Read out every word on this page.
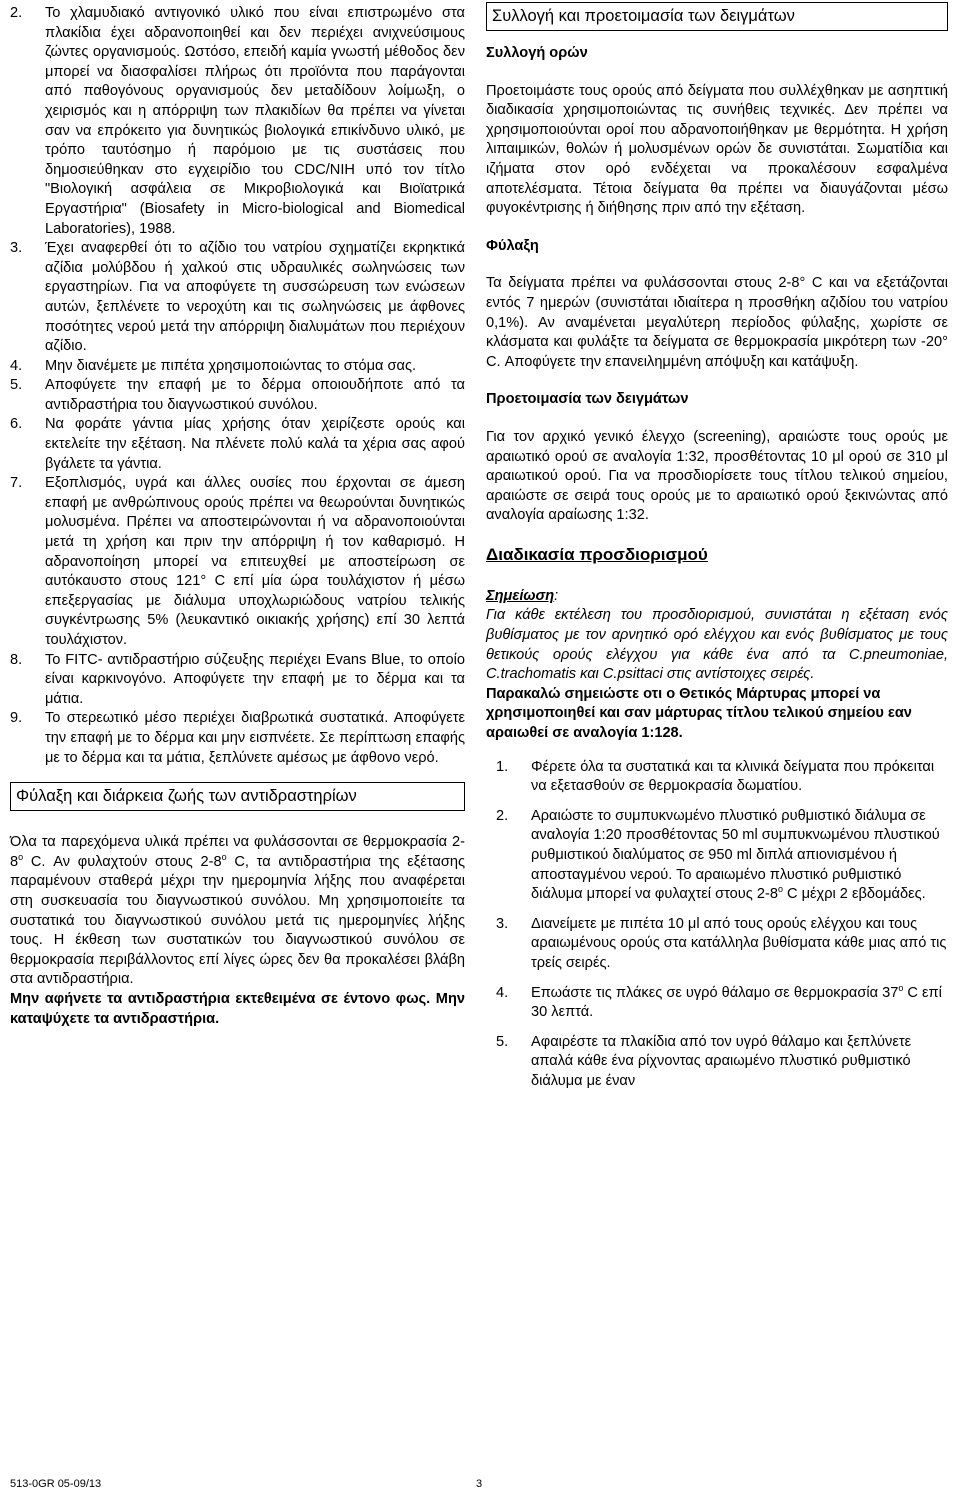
2. Το χλαμυδιακό αντιγονικό υλικό που είναι επιστρωμένο στα πλακίδια έχει αδρανοποιηθεί και δεν περιέχει ανιχνεύσιμους ζώντες οργανισμούς. Ωστόσο, επειδή καμία γνωστή μέθοδος δεν μπορεί να διασφαλίσει πλήρως ότι προϊόντα που παράγονται από παθογόνους οργανισμούς δεν μεταδίδουν λοίμωξη, ο χειρισμός και η απόρριψη των πλακιδίων θα πρέπει να γίνεται σαν να επρόκειτο για δυνητικώς βιολογικά επικίνδυνο υλικό, με τρόπο ταυτόσημο ή παρόμοιο με τις συστάσεις που δημοσιεύθηκαν στο εγχειρίδιο του CDC/NIH υπό τον τίτλο "Βιολογική ασφάλεια σε Μικροβιολογικά και Βιοϊατρικά Εργαστήρια" (Biosafety in Micro-biological and Biomedical Laboratories), 1988.
3. Έχει αναφερθεί ότι το αζίδιο του νατρίου σχηματίζει εκρηκτικά αζίδια μολύβδου ή χαλκού στις υδραυλικές σωληνώσεις των εργαστηρίων. Για να αποφύγετε τη συσσώρευση των ενώσεων αυτών, ξεπλένετε το νεροχύτη και τις σωληνώσεις με άφθονες ποσότητες νερού μετά την απόρριψη διαλυμάτων που περιέχουν αζίδιο.
4. Μην διανέμετε με πιπέτα χρησιμοποιώντας το στόμα σας.
5. Αποφύγετε την επαφή με το δέρμα οποιουδήποτε από τα αντιδραστήρια του διαγνωστικού συνόλου.
6. Να φοράτε γάντια μίας χρήσης όταν χειρίζεστε ορούς και εκτελείτε την εξέταση. Να πλένετε πολύ καλά τα χέρια σας αφού βγάλετε τα γάντια.
7. Εξοπλισμός, υγρά και άλλες ουσίες που έρχονται σε άμεση επαφή με ανθρώπινους ορούς πρέπει να θεωρούνται δυνητικώς μολυσμένα. Πρέπει να αποστειρώνονται ή να αδρανοποιούνται μετά τη χρήση και πριν την απόρριψη ή τον καθαρισμό. Η αδρανοποίηση μπορεί να επιτευχθεί με αποστείρωση σε αυτόκαυστο στους 121° C επί μία ώρα τουλάχιστον ή μέσω επεξεργασίας με διάλυμα υποχλωριώδους νατρίου τελικής συγκέντρωσης 5% (λευκαντικό οικιακής χρήσης) επί 30 λεπτά τουλάχιστον.
8. Το FITC- αντιδραστήριο σύζευξης περιέχει Evans Blue, το οποίο είναι καρκινογόνο. Αποφύγετε την επαφή με το δέρμα και τα μάτια.
9. Το στερεωτικό μέσο περιέχει διαβρωτικά συστατικά. Αποφύγετε την επαφή με το δέρμα και μην εισπνέετε. Σε περίπτωση επαφής με το δέρμα και τα μάτια, ξεπλύνετε αμέσως με άφθονο νερό.
Φύλαξη και διάρκεια ζωής των αντιδραστηρίων

Όλα τα παρεχόμενα υλικά πρέπει να φυλάσσονται σε θερμοκρασία 2-8$^o$ C. Αν φυλαχτούν στους 2-8$^o$ C, τα αντιδραστήρια της εξέτασης παραμένουν σταθερά μέχρι την ημερομηνία λήξης που αναφέρεται στη συσκευασία του διαγνωστικού συνόλου. Μη χρησιμοποιείτε τα συστατικά του διαγνωστικού συνόλου μετά τις ημερομηνίες λήξης τους. Η έκθεση των συστατικών του διαγνωστικού συνόλου σε θερμοκρασία περιβάλλοντος επί λίγες ώρες δεν θα προκαλέσει βλάβη στα αντιδραστήρια.

Μην αφήνετε τα αντιδραστήρια εκτεθειμένα σε έντονο φως. Μην καταψύχετε τα αντιδραστήρια.

Συλλογή και προετοιμασία των δειγμάτων
Συλλογή ορών

Προετοιμάστε τους ορούς από δείγματα που συλλέχθηκαν με ασηπτική διαδικασία χρησιμοποιώντας τις συνήθεις τεχνικές. Δεν πρέπει να χρησιμοποιούνται οροί που αδρανοποιήθηκαν με θερμότητα. Η χρήση λιπαιμικών, θολών ή μολυσμένων ορών δε συνιστάται. Σωματίδια και ιζήματα στον ορό ενδέχεται να προκαλέσουν εσφαλμένα αποτελέσματα. Τέτοια δείγματα θα πρέπει να διαυγάζονται μέσω φυγοκέντρισης ή διήθησης πριν από την εξέταση.

Φύλαξη

Τα δείγματα πρέπει να φυλάσσονται στους 2-8° C και να εξετάζονται εντός 7 ημερών (συνιστάται ιδιαίτερα η προσθήκη αζιδίου του νατρίου 0,1%). Αν αναμένεται μεγαλύτερη περίοδος φύλαξης, χωρίστε σε κλάσματα και φυλάξτε τα δείγματα σε θερμοκρασία μικρότερη των -20° C. Αποφύγετε την επανειλημμένη απόψυξη και κατάψυξη.

Προετοιμασία των δειγμάτων

Για τον αρχικό γενικό έλεγχο (screening), αραιώστε τους ορούς με αραιωτικό ορού σε αναλογία 1:32, προσθέτοντας 10 μl ορού σε 310 μl αραιωτικού ορού. Για να προσδιορίσετε τους τίτλου τελικού σημείου, αραιώστε σε σειρά τους ορούς με το αραιωτικό ορού ξεκινώντας από αναλογία αραίωσης 1:32.

Διαδικασία προσδιορισμού
Σημείωση:

Για κάθε εκτέλεση του προσδιορισμού, συνιστάται η εξέταση ενός βυθίσματος με τον αρνητικό ορό ελέγχου και ενός βυθίσματος με τους θετικούς ορούς ελέγχου για κάθε ένα από τα C.pneumoniae, C.trachomatis και C.psittaci στις αντίστοιχες σειρές.

Παρακαλώ σημειώστε οτι ο Θετικός Μάρτυρας μπορεί να χρησιμοποιηθεί και σαν μάρτυρας τίτλου τελικού σημείου εαν αραιωθεί σε αναλογία 1:128.

1. Φέρετε όλα τα συστατικά και τα κλινικά δείγματα που πρόκειται να εξετασθούν σε θερμοκρασία δωματίου.
2. Αραιώστε το συμπυκνωμένο πλυστικό ρυθμιστικό διάλυμα σε αναλογία 1:20 προσθέτοντας 50 ml συμπυκνωμένου πλυστικού ρυθμιστικού διαλύματος σε 950 ml διπλά απιονισμένου ή αποσταγμένου νερού. Το αραιωμένο πλυστικό ρυθμιστικό διάλυμα μπορεί να φυλαχτεί στους 2-8$^o$ C μέχρι 2 εβδομάδες.
3. Διανείμετε με πιπέτα 10 μl από τους ορούς ελέγχου και τους αραιωμένους ορούς στα κατάλληλα βυθίσματα κάθε μιας από τις τρείς σειρές.
4. Επωάστε τις πλάκες σε υγρό θάλαμο σε θερμοκρασία 37$^o$ C επί 30 λεπτά.
5. Αφαιρέστε τα πλακίδια από τον υγρό θάλαμο και ξεπλύνετε απαλά κάθε ένα ρίχνοντας αραιωμένο πλυστικό ρυθμιστικό διάλυμα με έναν
513-0GR 05-09/13	3
